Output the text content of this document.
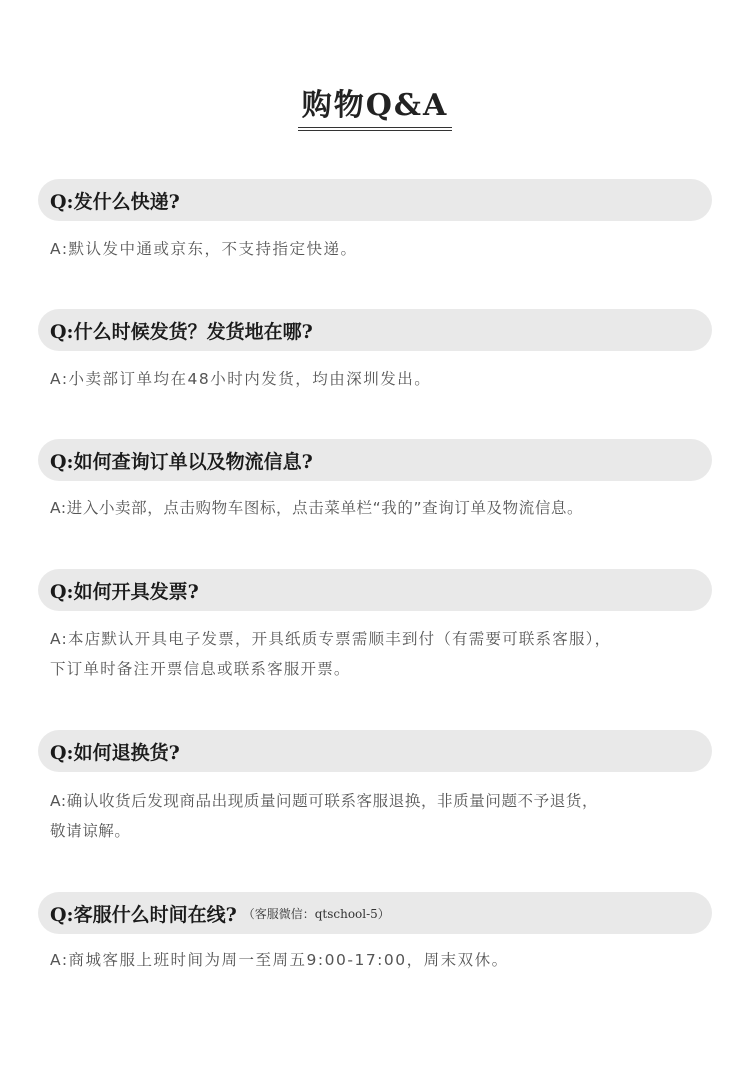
购物Q&A
Q:发什么快递?

A:默认发中通或京东，不支持指定快递。

Q:什么时候发货？发货地在哪?

A:小卖部订单均在48小时内发货，均由深圳发出。

Q:如何查询订单以及物流信息?

A:进入小卖部，点击购物车图标，点击菜单栏“我的”查询订单及物流信息。

Q:如何开具发票?

A:本店默认开具电子发票，开具纸质专票需顺丰到付（有需要可联系客服），
下订单时备注开票信息或联系客服开票。

Q:如何退换货?

A:确认收货后发现商品出现质量问题可联系客服退换，非质量问题不予退货，
敬请谅解。

Q:客服什么时间在线? （客服微信：qtschool-5）

A:商城客服上班时间为周一至周五9:00-17:00，周末双休。
